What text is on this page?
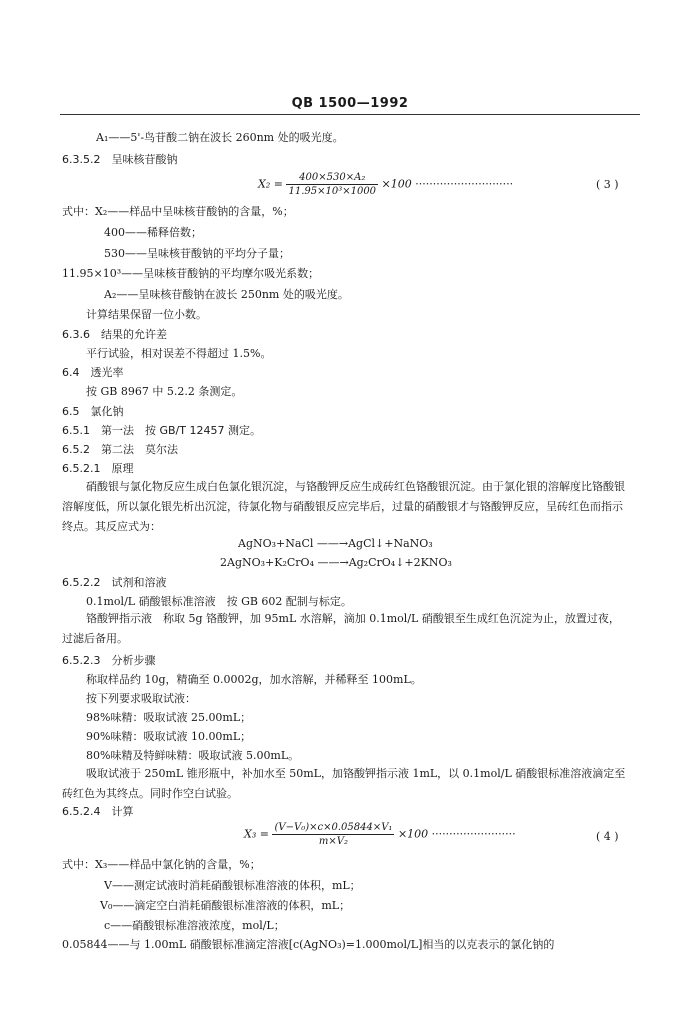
QB 1500—1992
A₁——5'-鸟苷酸二钠在波长 260nm 处的吸光度。
6.3.5.2　呈味核苷酸钠
$X_2 = \frac{\text{400×530×A₂}}{\text{11.95×10³×1000}} \times 100$ ····························	( 3 )
式中：X₂——样品中呈味核苷酸钠的含量，%；
400——稀释倍数；
530——呈味核苷酸钠的平均分子量；
11.95×10³——呈味核苷酸钠的平均摩尔吸光系数；
A₂——呈味核苷酸钠在波长 250nm 处的吸光度。
计算结果保留一位小数。
6.3.6　结果的允许差
平行试验，相对误差不得超过 1.5%。
6.4　透光率
按 GB 8967 中 5.2.2 条测定。
6.5　氯化钠
6.5.1　第一法　按 GB/T 12457 测定。
6.5.2　第二法　莫尔法
6.5.2.1　原理
硝酸银与氯化物反应生成白色氯化银沉淀，与铬酸钾反应生成砖红色铬酸银沉淀。由于氯化银的溶解度比铬酸银溶解度低，所以氯化银先析出沉淀，待氯化物与硝酸银反应完毕后，过量的硝酸银才与铬酸钾反应，呈砖红色而指示终点。其反应式为：
AgNO₃+NaCl ——→AgCl↓+NaNO₃
2AgNO₃+K₂CrO₄ ——→Ag₂CrO₄↓+2KNO₃
6.5.2.2　试剂和溶液
0.1mol/L 硝酸银标准溶液　按 GB 602 配制与标定。
铬酸钾指示液　称取 5g 铬酸钾，加 95mL 水溶解，滴加 0.1mol/L 硝酸银至生成红色沉淀为止，放置过夜，过滤后备用。
6.5.2.3　分析步骤
称取样品约 10g，精确至 0.0002g，加水溶解，并稀释至 100mL。
按下列要求吸取试液：
98%味精：吸取试液 25.00mL；
90%味精：吸取试液 10.00mL；
80%味精及特鲜味精：吸取试液 5.00mL。
吸取试液于 250mL 锥形瓶中，补加水至 50mL，加铬酸钾指示液 1mL，以 0.1mol/L 硝酸银标准溶液滴定至砖红色为其终点。同时作空白试验。
6.5.2.4　计算
$X_3 = \frac{\text{(V−V₀)×c×0.05844×V₁}}{\text{m×V₂}} \times 100$ ························	( 4 )
式中：X₃——样品中氯化钠的含量，%；
V——测定试液时消耗硝酸银标准溶液的体积，mL；
V₀——滴定空白消耗硝酸银标准溶液的体积，mL；
c——硝酸银标准溶液浓度，mol/L；
0.05844——与 1.00mL 硝酸银标准滴定溶液[c(AgNO₃)=1.000mol/L]相当的以克表示的氯化钠的
